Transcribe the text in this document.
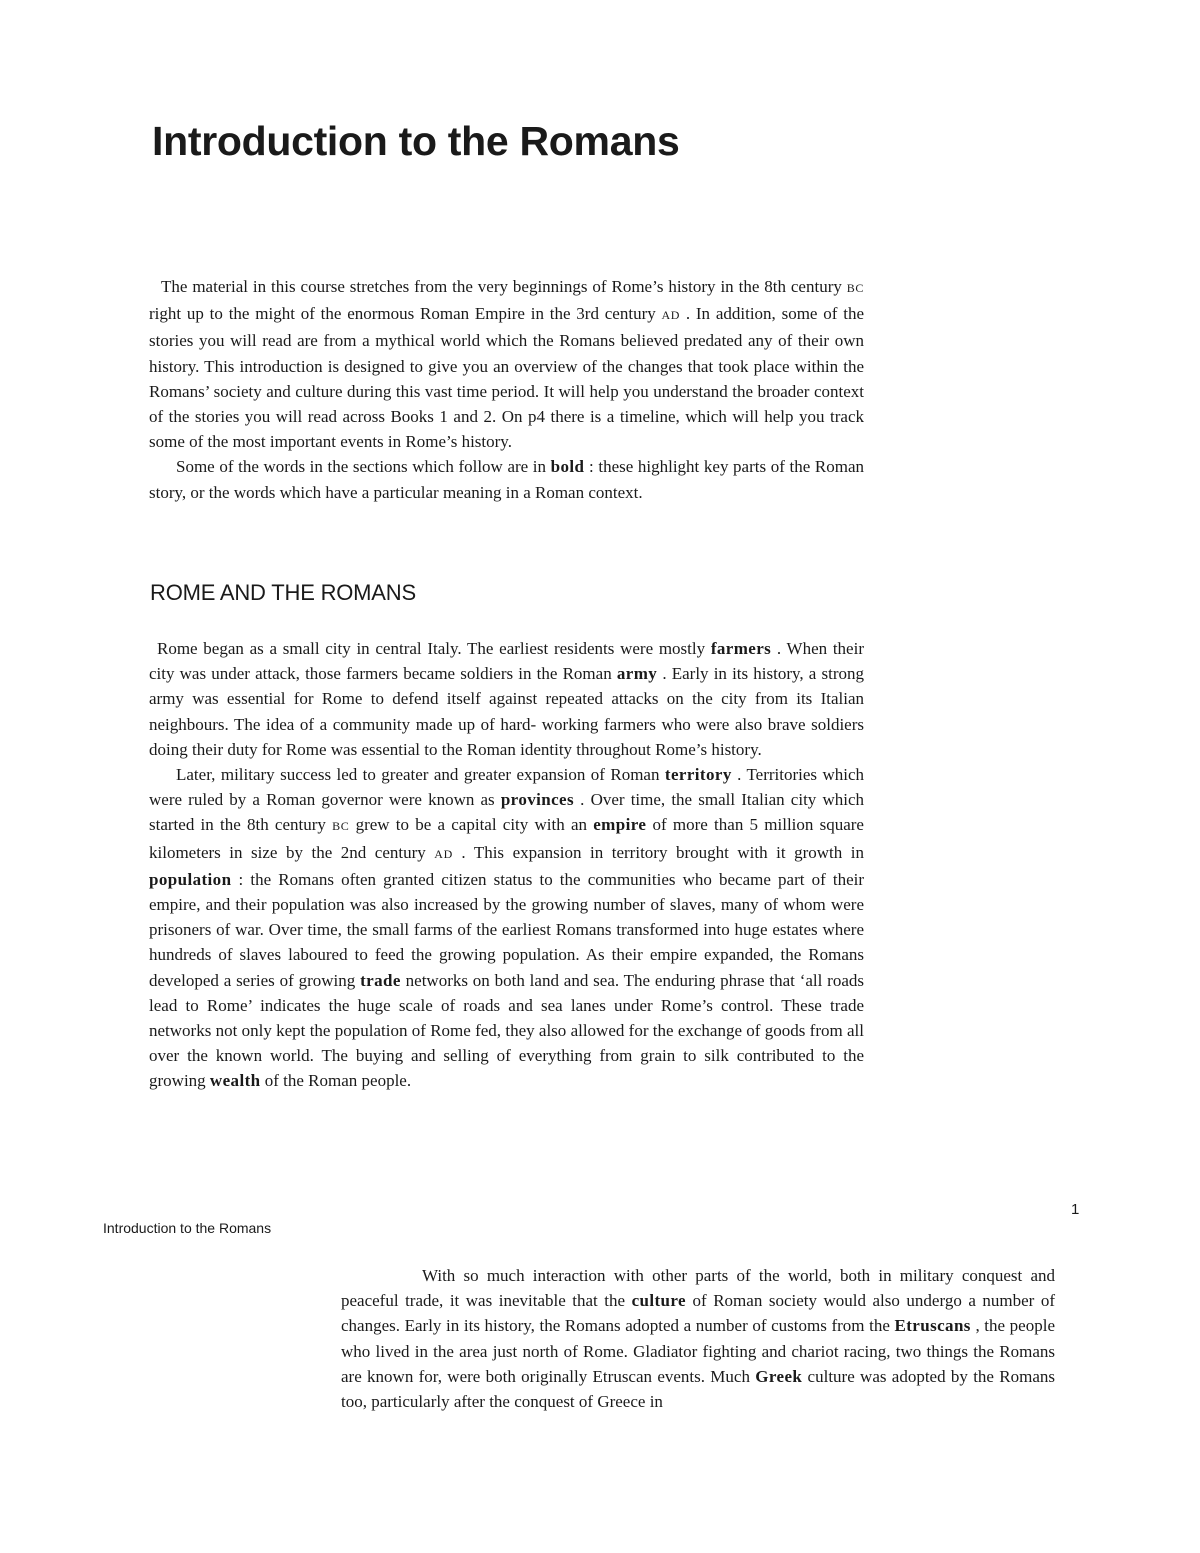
Introduction to the Romans

The material in this course stretches from the very beginnings of Rome’s history in the 8th century BC right up to the might of the enormous Roman Empire in the 3rd century AD . In addition, some of the stories you will read are from a mythical world which the Romans believed predated any of their own history. This introduction is designed to give you an overview of the changes that took place within the Romans’ society and culture during this vast time period. It will help you understand the broader context of the stories you will read across Books 1 and 2. On p4 there is a timeline, which will help you track some of the most important events in Rome’s history.

Some of the words in the sections which follow are in bold : these highlight key parts of the Roman story, or the words which have a particular meaning in a Roman context.

ROME AND THE ROMANS

Rome began as a small city in central Italy. The earliest residents were mostly farmers . When their city was under attack, those farmers became soldiers in the Roman army . Early in its history, a strong army was essential for Rome to defend itself against repeated attacks on the city from its Italian neighbours. The idea of a community made up of hard- working farmers who were also brave soldiers doing their duty for Rome was essential to the Roman identity throughout Rome’s history.

Later, military success led to greater and greater expansion of Roman territory . Territories which were ruled by a Roman governor were known as provinces . Over time, the small Italian city which started in the 8th century BC grew to be a capital city with an empire of more than 5 million square kilometers in size by the 2nd century AD . This expansion in territory brought with it growth in population : the Romans often granted citizen status to the communities who became part of their empire, and their population was also increased by the growing number of slaves, many of whom were prisoners of war. Over time, the small farms of the earliest Romans transformed into huge estates where hundreds of slaves laboured to feed the growing population. As their empire expanded, the Romans developed a series of growing trade networks on both land and sea. The enduring phrase that ‘all roads lead to Rome’ indicates the huge scale of roads and sea lanes under Rome’s control. These trade networks not only kept the population of Rome fed, they also allowed for the exchange of goods from all over the known world. The buying and selling of everything from grain to silk contributed to the growing wealth of the Roman people.

1
Introduction to the Romans

With so much interaction with other parts of the world, both in military conquest and peaceful trade, it was inevitable that the culture of Roman society would also undergo a number of changes. Early in its history, the Romans adopted a number of customs from the Etruscans , the people who lived in the area just north of Rome. Gladiator fighting and chariot racing, two things the Romans are known for, were both originally Etruscan events. Much Greek culture was adopted by the Romans too, particularly after the conquest of Greece in
